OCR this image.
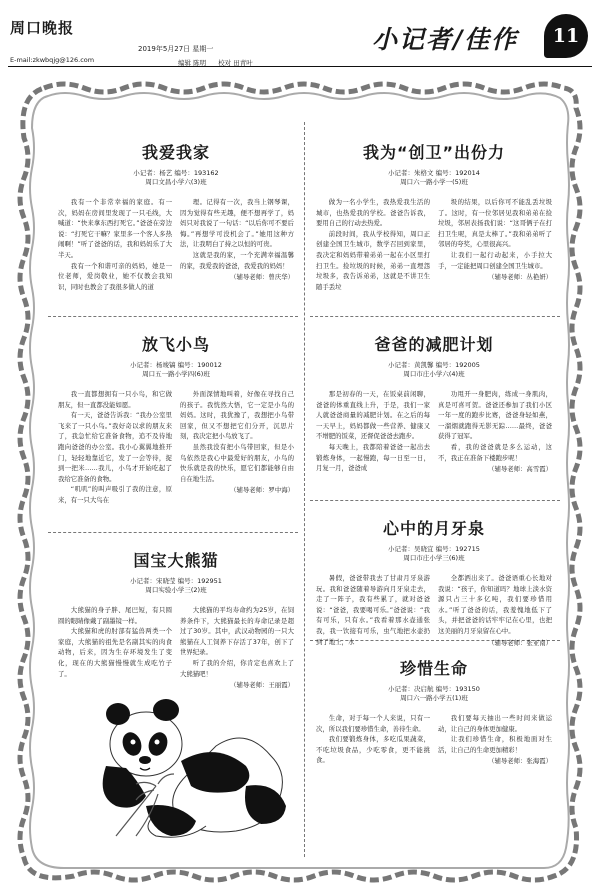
周口晚报
2019年5月27日 星期一
编辑 陈明 校对 田青叶
E-mail:zkwbqjg@126.com
小记者/佳作	11
我爱我家
小记者：杨艺 编号：193162
周口文昌小学六(3)班

我有一个非常幸福的家庭。有一次，妈妈在房间里发现了一只毛线，大喊道：“快来拿东西打死它。”爸爸在旁边说：“打死它干嘛？家里多一个客人多热闹啊！”听了爸爸的话，我和妈妈乐了大半天。

我有一个和谐可亲的妈妈，她是一位老师，爱岗敬业，她不仅教会我知识，同时也教会了我很多做人的道

理。记得有一次，我当上钢琴课，因为觉得有些无趣，便不想再学了，妈妈只对我说了一句话：“以后你可不要后悔。”再想学可没机会了。”她用这种方法，让我明白了持之以恒的可贵。

这就是我的家，一个充满幸福温馨的家，我爱我的爸爸，我爱我的妈妈！

（辅导老师：曾庆华）
我为“创卫”出份力
小记者：朱格文 编号：192014
周口六一路小学一(5)班

做为一名小学生，我热爱我生活的城市，也热爱我的学校。爸爸告诉我，要用自己的行动去热爱。

前段时间，我从学校得知，周口正创建全国卫生城市，数学召回到家里，我决定和妈妈带着弟弟一起在小区里打扫卫生。捡垃圾的时候，弟弟一直埋怨垃圾多，我告诉弟弟，这就是不讲卫生随手丢垃

圾的结果，以后你可不能乱丢垃圾了。这时，有一位邻居见我和弟弟在捡垃圾，邻居表扬我们说：“这哥俩子在打扫卫生呢，真是太棒了。”我和弟弟听了邻居的夸奖，心里很高兴。

让我们一起行动起来，小手拉大手，一定能把周口创建全国卫生城市。

（辅导老师：丛艳妍）
放飞小鸟
小记者：杨竣镐 编号：190012
周口五一路小学四(6)班

我一直都想拥有一只小鸟，和它做朋友，但一直都没能如愿。

有一天，爸爸告诉我：“我办公室里飞来了一只小鸟。”我好奇以求的朋友来了，我急忙给它准备食物，追不及待地跑向爸爸的办公室。我小心翼翼地推开门，轻轻地靠近它，发了一会等待，捉到一把米……我儿，小鸟才开始吃起了我给它准备的食物。

“叽叽”的叫声吸引了我的注意，原来，有一只大鸟在

外面深情地叫着，好像在寻找自己的孩子。我恍然大悟，它一定是小鸟的妈妈。这时，我犹豫了，我想把小鸟带回家，但又不想把它们分开，沉思片刻，我决定把小鸟放飞了。

虽然我没有把小鸟带回家，但是小鸟依然是我心中最爱好的朋友，小鸟的快乐就是我的快乐，愿它们都能够自由自在地生活。

（辅导老师：罗中海）
爸爸的减肥计划
小记者：黄凯馨 编号：192005
周口市庄小学六(4)班

那是初春的一天，在饭桌前闲聊，爸爸的体重直线上升，于是，我们一家人就爸爸商量的减肥计划。在之后的每一天早上，妈妈都做一些营养、健康又不增肥的饭菜，还督促爸爸去跑步。

每天晚上，我都陪着爸爸一起出去锻炼身体，一起慢跑，每一日至一日，月复一月，爸爸成

功甩开一身肥肉，练成一身肌肉，真是可喜可贺。爸爸还参加了我们小区一年一度的跑步比赛，爸爸身轻如燕，一溜烟就跑得无影无踪……最终，爸爸获得了冠军。

看，我的爸爸就是多么运动，这不，我正在准备下楼跑步呢！

（辅导老师：高雪霞）
国宝大熊猫
小记者：宋晓莹 编号：192951
周口实验小学三(2)班

大熊猫的身子胖、尾巴短，有只圆圆的眼睛像戴了副墨镜一样。

大熊猫和虎的肘部有猛兽两类一个家庭，大熊猫的祖先是名副其实的肉食动物，后来，因为生存环境发生了变化，现在的大熊猫慢慢就生成吃竹子了。

大熊猫的平均寿命约为25岁，在饲养条件下，大熊猫最长的寿命记录是超过了30岁。其中，武汉动物园的一只大熊猫在人工饲养下存活了37年，创下了世界纪录。

听了我的介绍，你肯定也喜欢上了大熊猫吧！

（辅导老师：王丽霞）
心中的月牙泉
小记者：吴晓宜 编号：192715
周口市庄小学三(6)班

暑假，爸爸带我去了甘肃月牙泉游玩。我和爸爸随着导游向月牙泉走去，走了一阵子，我有些累了，就对爸爸说：“爸爸，我要喝可乐。”爸爸说：“我有可乐，只有水。”我看着那水壶通张我，我一饮接有可乐，虫气地把水壶扔到了地上，水

全都洒出来了。爸爸语重心长地对我说：“孩子，你知道吗？地球上淡水资源只占三十多亿吨，我们要珍惜用水。”听了爸爸的话，我羞愧地低下了头，并把爸爸的话牢牢记在心里，也把这美丽的月牙泉留在心中。

（辅导老师：张亚南）
珍惜生命
小记者：决启航 编号：193150
周口六一路小学五(1)班

生命，对于每一个人来说，只有一次，所以我们要珍惜生命，善待生命。

我们要锻炼身体，多吃瓜果蔬菜，不吃垃圾食品，少吃零食，更不能挑食。

我们要每天抽出一些时间来做运动，让自己的身体更加健康。

让我们珍惜生命，积极地面对生活，让自己的生命更加精彩！

（辅导老师：张海霞）
